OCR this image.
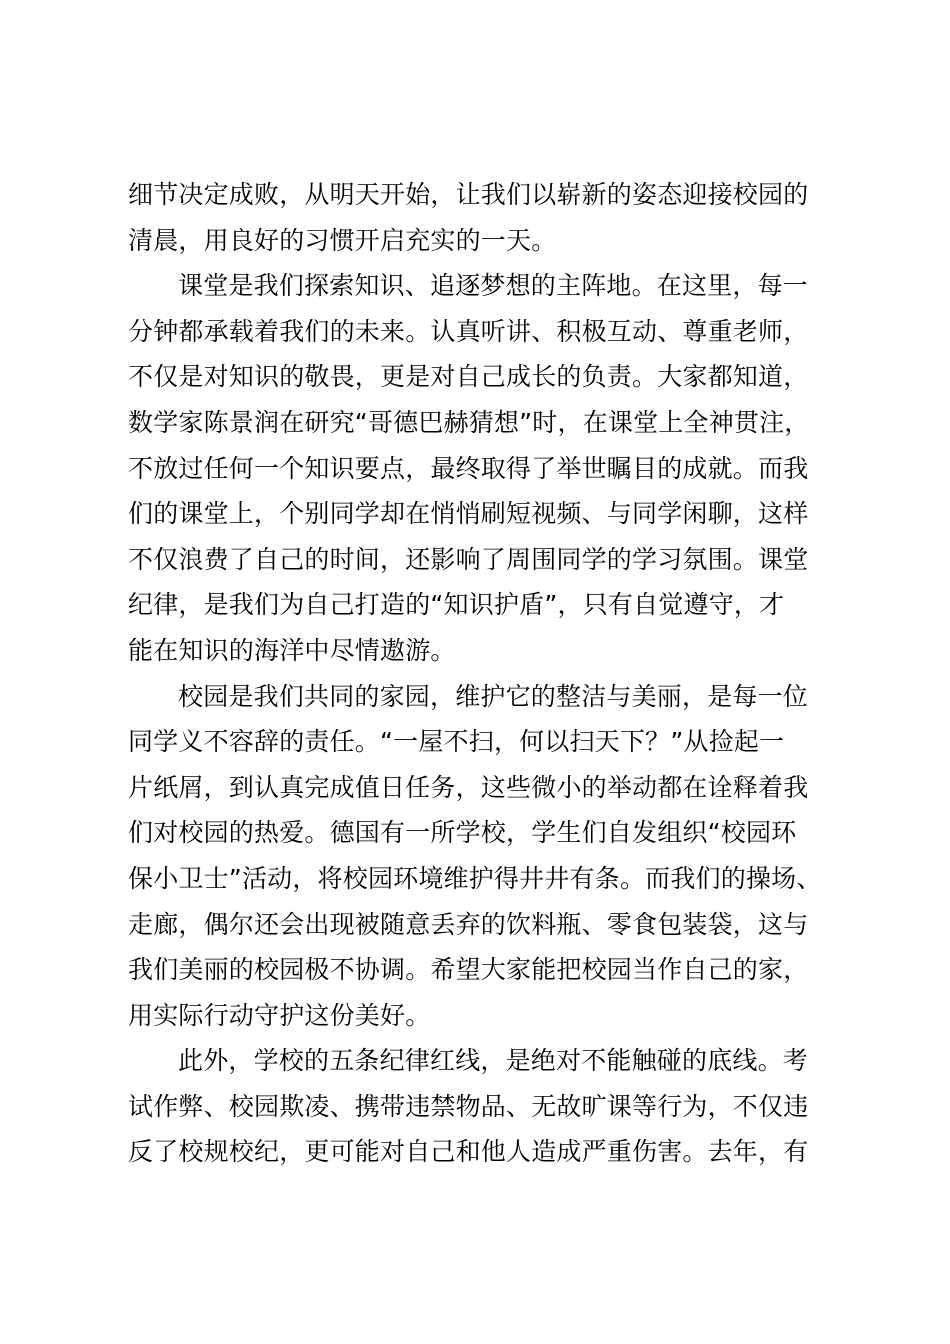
细节决定成败，从明天开始，让我们以崭新的姿态迎接校园的
清晨，用良好的习惯开启充实的一天。
课堂是我们探索知识、追逐梦想的主阵地。在这里，每一
分钟都承载着我们的未来。认真听讲、积极互动、尊重老师，
不仅是对知识的敬畏，更是对自己成长的负责。大家都知道，
数学家陈景润在研究“哥德巴赫猜想”时，在课堂上全神贯注，
不放过任何一个知识要点，最终取得了举世瞩目的成就。而我
们的课堂上，个别同学却在悄悄刷短视频、与同学闲聊，这样
不仅浪费了自己的时间，还影响了周围同学的学习氛围。课堂
纪律，是我们为自己打造的“知识护盾”，只有自觉遵守，才
能在知识的海洋中尽情遨游。
校园是我们共同的家园，维护它的整洁与美丽，是每一位
同学义不容辞的责任。“一屋不扫，何以扫天下？”从捡起一
片纸屑，到认真完成值日任务，这些微小的举动都在诠释着我
们对校园的热爱。德国有一所学校，学生们自发组织“校园环
保小卫士”活动，将校园环境维护得井井有条。而我们的操场、
走廊，偶尔还会出现被随意丢弃的饮料瓶、零食包装袋，这与
我们美丽的校园极不协调。希望大家能把校园当作自己的家，
用实际行动守护这份美好。
此外，学校的五条纪律红线，是绝对不能触碰的底线。考
试作弊、校园欺凌、携带违禁物品、无故旷课等行为，不仅违
反了校规校纪，更可能对自己和他人造成严重伤害。去年，有
